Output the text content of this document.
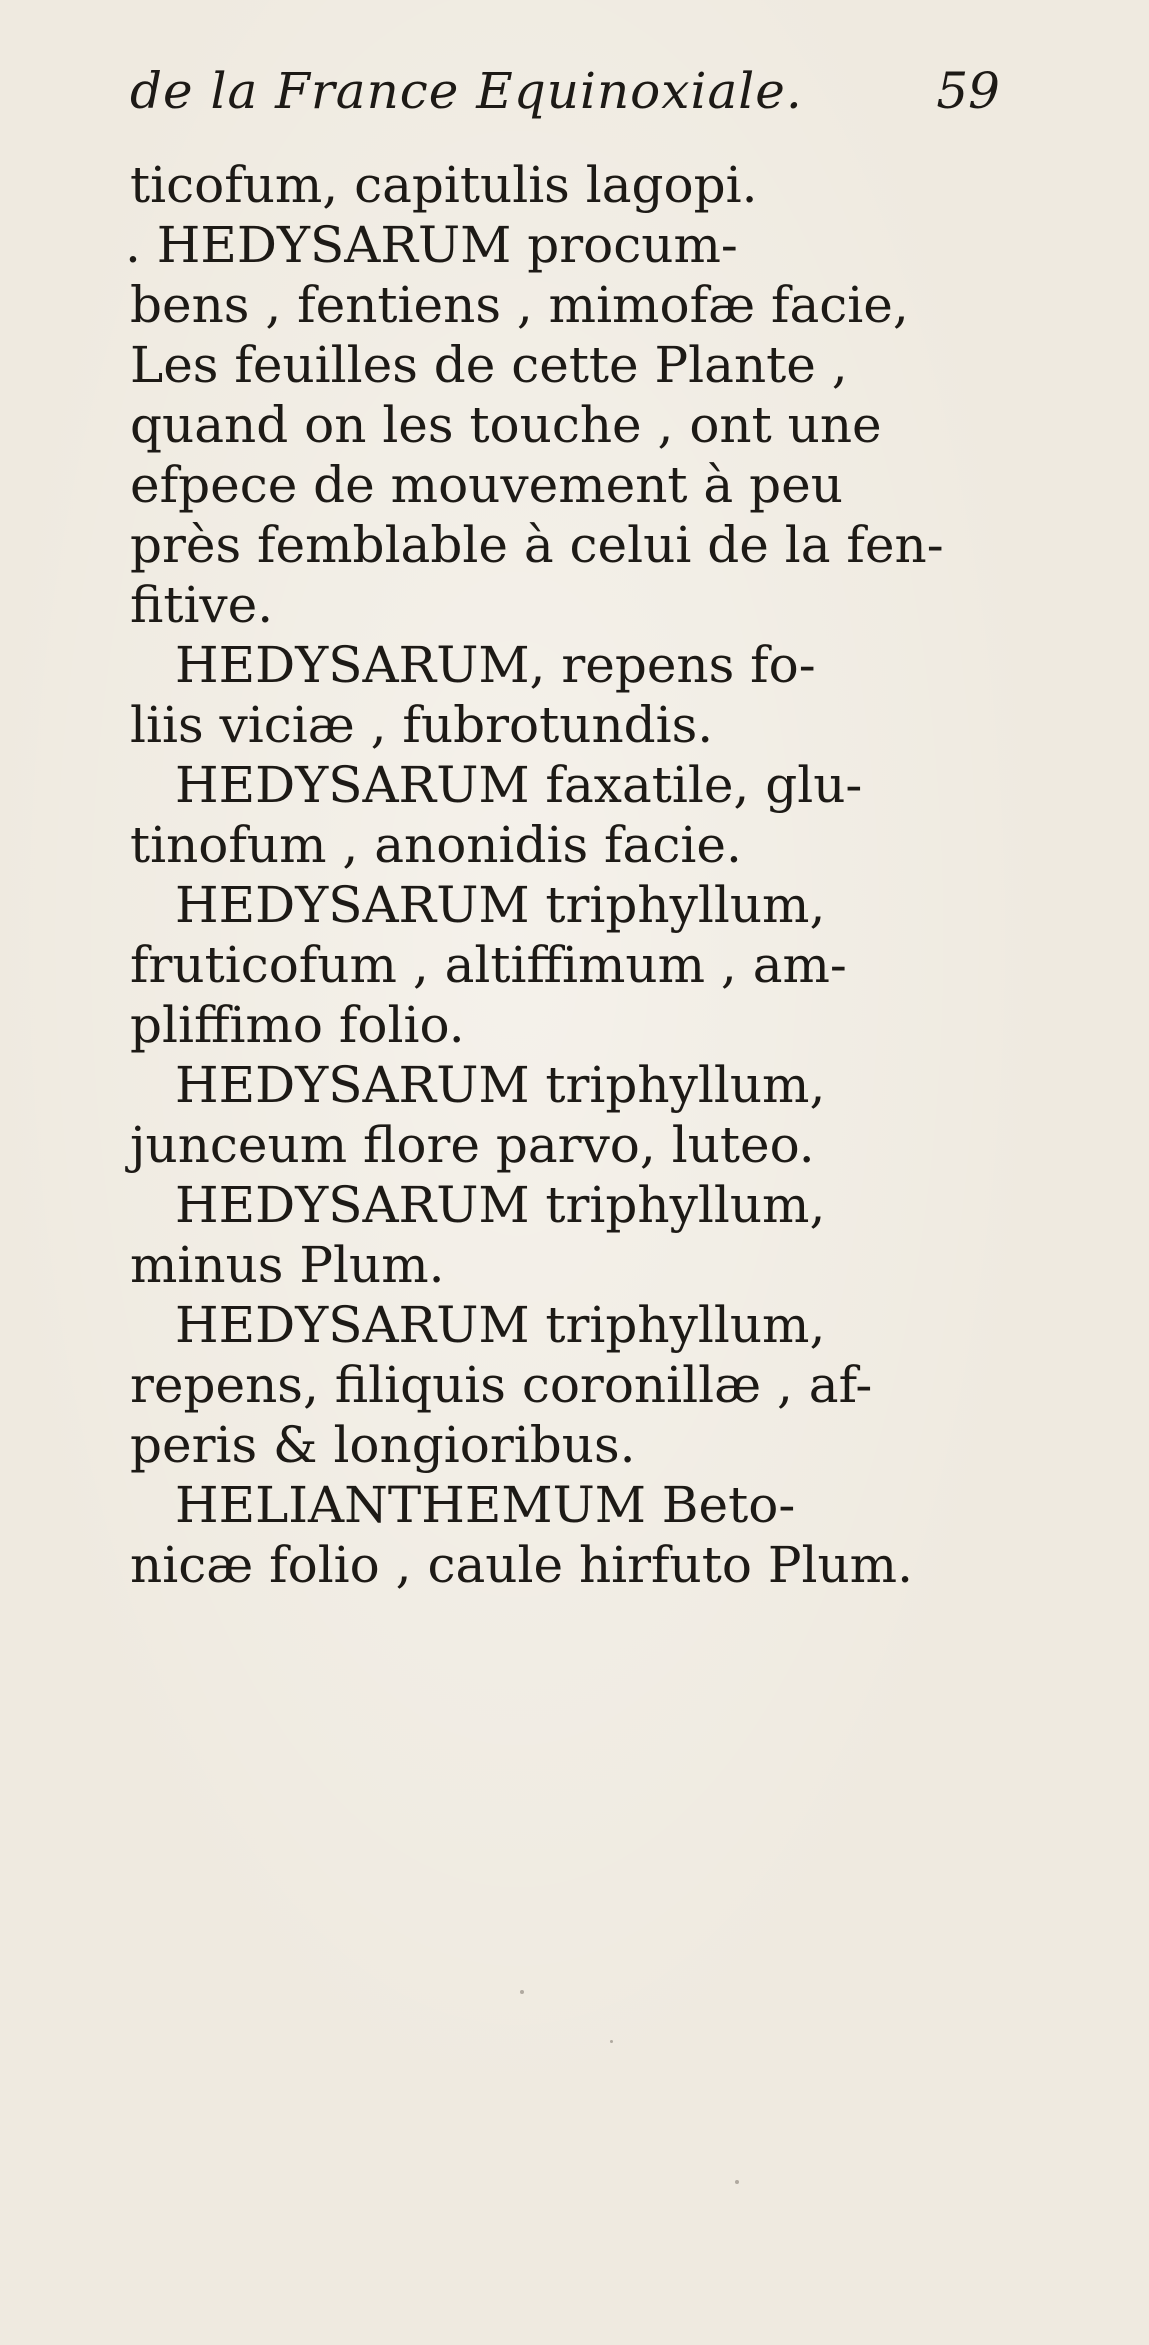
de la France Equinoxiale.	59
ticofum, capitulis lagopi.
. HEDYSARUM procum-
bens , fentiens , mimofæ facie,
Les feuilles de cette Plante ,
quand on les touche , ont une
efpece de mouvement à peu
près femblable à celui de la fen-
fitive.
HEDYSARUM, repens fo-
liis viciæ , fubrotundis.
HEDYSARUM faxatile, glu-
tinofum , anonidis facie.
HEDYSARUM triphyllum,
fruticofum , altiffimum , am-
pliffimo folio.
HEDYSARUM triphyllum,
junceum flore parvo, luteo.
HEDYSARUM triphyllum,
minus Plum.
HEDYSARUM triphyllum,
repens, filiquis coronillæ , af-
peris & longioribus.
HELIANTHEMUM Beto-
nicæ folio , caule hirfuto Plum.
